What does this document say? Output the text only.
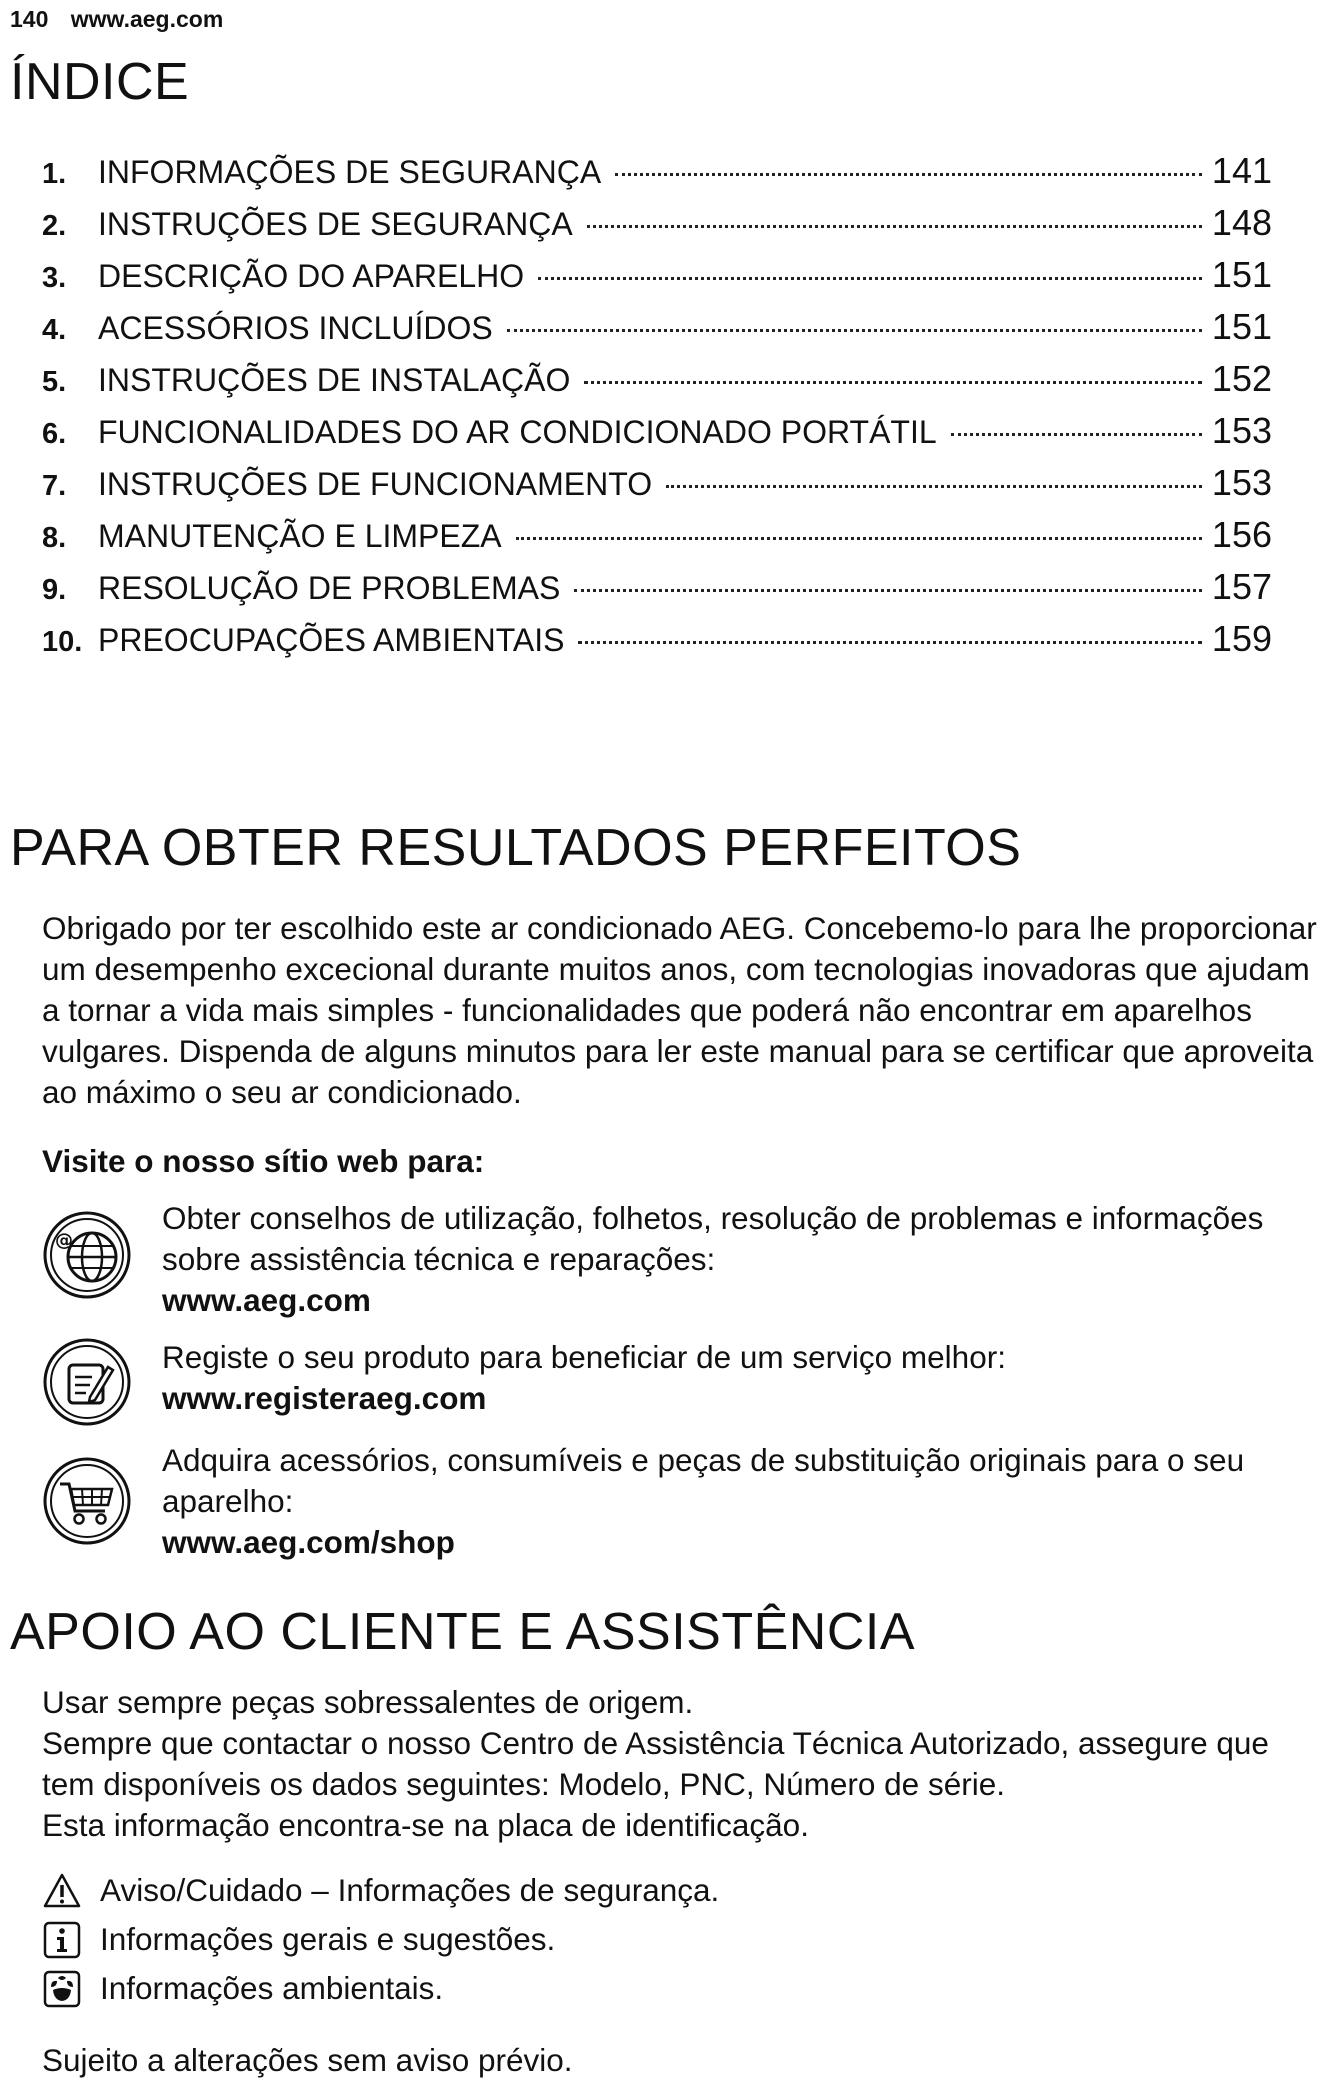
140 www.aeg.com
ÍNDICE
1. INFORMAÇÕES DE SEGURANÇA	141
2. INSTRUÇÕES DE SEGURANÇA	148
3. DESCRIÇÃO DO APARELHO	151
4. ACESSÓRIOS INCLUÍDOS	151
5. INSTRUÇÕES DE INSTALAÇÃO	152
6. FUNCIONALIDADES DO AR CONDICIONADO PORTÁTIL	153
7. INSTRUÇÕES DE FUNCIONAMENTO	153
8. MANUTENÇÃO E LIMPEZA	156
9. RESOLUÇÃO DE PROBLEMAS	157
10. PREOCUPAÇÕES AMBIENTAIS	159
PARA OBTER RESULTADOS PERFEITOS
Obrigado por ter escolhido este ar condicionado AEG. Concebemo-lo para lhe proporcionar um desempenho excecional durante muitos anos, com tecnologias inovadoras que ajudam a tornar a vida mais simples - funcionalidades que poderá não encontrar em aparelhos vulgares. Dispenda de alguns minutos para ler este manual para se certificar que aproveita ao máximo o seu ar condicionado.
Visite o nosso sítio web para:
@
Obter conselhos de utilização, folhetos, resolução de problemas e informações sobre assistência técnica e reparações:
www.aeg.com
Registe o seu produto para beneficiar de um serviço melhor:
www.registeraeg.com
Adquira acessórios, consumíveis e peças de substituição originais para o seu aparelho:
www.aeg.com/shop
APOIO AO CLIENTE E ASSISTÊNCIA
Usar sempre peças sobressalentes de origem.
Sempre que contactar o nosso Centro de Assistência Técnica Autorizado, assegure que tem disponíveis os dados seguintes: Modelo, PNC, Número de série.
Esta informação encontra-se na placa de identificação.
Aviso/Cuidado – Informações de segurança.
Informações gerais e sugestões.
Informações ambientais.
Sujeito a alterações sem aviso prévio.
